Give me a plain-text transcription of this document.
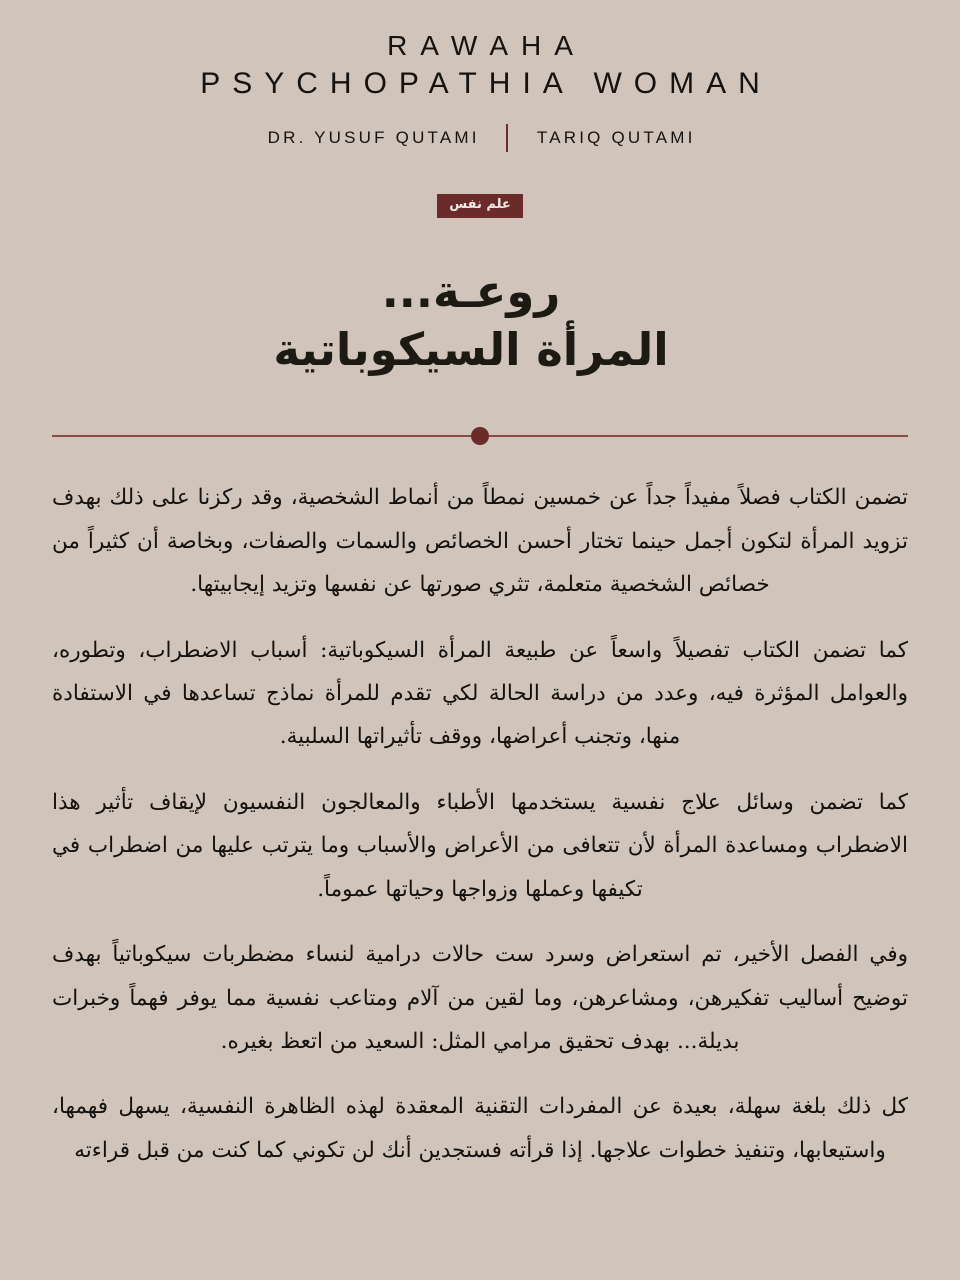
RAWAHA
PSYCHOPATHIA WOMAN
DR. YUSUF QUTAMI	TARIQ QUTAMI
علم نفس
روعـة...
المرأة السيكوباتية

تضمن الكتاب فصلاً مفيداً جداً عن خمسين نمطاً من أنماط الشخصية، وقد ركزنا على ذلك بهدف تزويد المرأة لتكون أجمل حينما تختار أحسن الخصائص والسمات والصفات، وبخاصة أن كثيراً من خصائص الشخصية متعلمة، تثري صورتها عن نفسها وتزيد إيجابيتها.

كما تضمن الكتاب تفصيلاً واسعاً عن طبيعة المرأة السيكوباتية: أسباب الاضطراب، وتطوره، والعوامل المؤثرة فيه، وعدد من دراسة الحالة لكي تقدم للمرأة نماذج تساعدها في الاستفادة منها، وتجنب أعراضها، ووقف تأثيراتها السلبية.

كما تضمن وسائل علاج نفسية يستخدمها الأطباء والمعالجون النفسيون لإيقاف تأثير هذا الاضطراب ومساعدة المرأة لأن تتعافى من الأعراض والأسباب وما يترتب عليها من اضطراب في تكيفها وعملها وزواجها وحياتها عموماً.

وفي الفصل الأخير، تم استعراض وسرد ست حالات درامية لنساء مضطربات سيكوباتياً بهدف توضيح أساليب تفكيرهن، ومشاعرهن، وما لقين من آلام ومتاعب نفسية مما يوفر فهماً وخبرات بديلة... بهدف تحقيق مرامي المثل: السعيد من اتعظ بغيره.

كل ذلك بلغة سهلة، بعيدة عن المفردات التقنية المعقدة لهذه الظاهرة النفسية، يسهل فهمها، واستيعابها، وتنفيذ خطوات علاجها. إذا قرأته فستجدين أنك لن تكوني كما كنت من قبل قراءته
